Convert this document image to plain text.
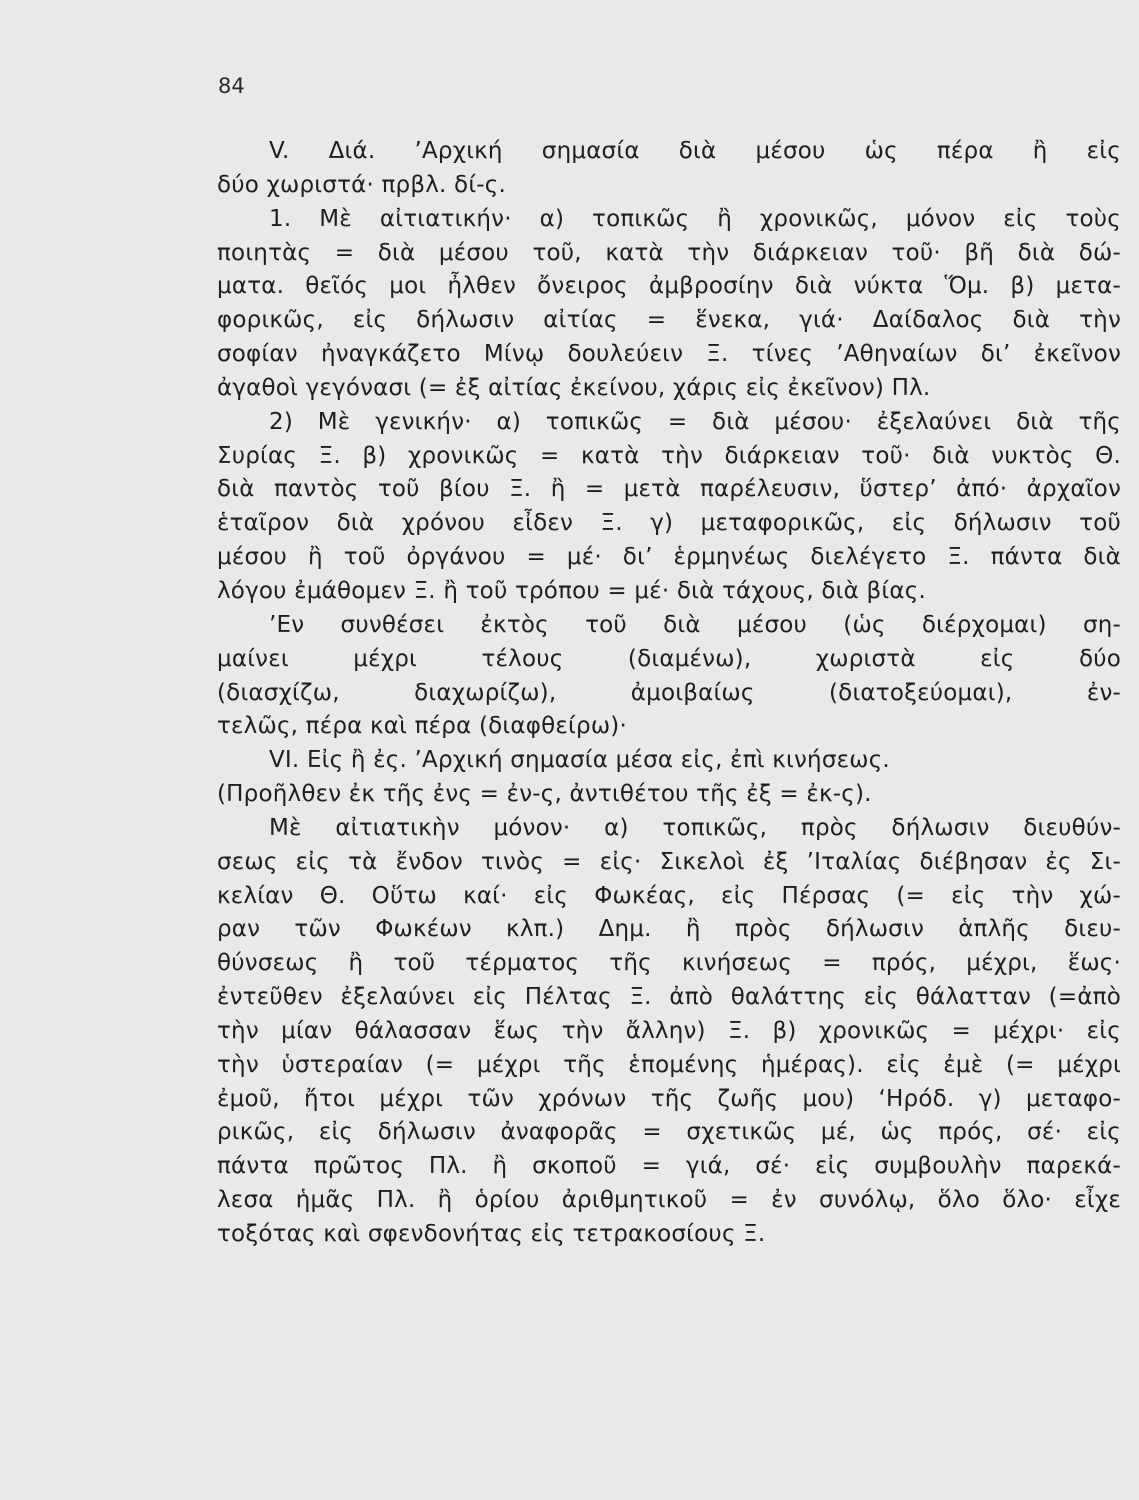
84
V. Διά. ’Αρχική σημασία διὰ μέσου ὡς πέρα ἢ εἰς
δύο χωριστά· πρβλ. δί-ς.
1. Μὲ αἰτιατικήν· α) τοπικῶς ἢ χρονικῶς, μόνον εἰς τοὺς
ποιητὰς = διὰ μέσου τοῦ, κατὰ τὴν διάρκειαν τοῦ· βῆ διὰ δώ-
ματα. θεῖός μοι ἦλθεν ὄνειρος ἀμβροσίην διὰ νύκτα Ὅμ. β) μετα-
φορικῶς, εἰς δήλωσιν αἰτίας = ἕνεκα, γιά· Δαίδαλος διὰ τὴν
σοφίαν ἠναγκάζετο Μίνῳ δουλεύειν Ξ. τίνες ’Αθηναίων δι’ ἐκεῖνον
ἀγαθοὶ γεγόνασι (= ἐξ αἰτίας ἐκείνου, χάρις εἰς ἐκεῖνον) Πλ.
2) Μὲ γενικήν· α) τοπικῶς = διὰ μέσου· ἐξελαύνει διὰ τῆς
Συρίας Ξ. β) χρονικῶς = κατὰ τὴν διάρκειαν τοῦ· διὰ νυκτὸς Θ.
διὰ παντὸς τοῦ βίου Ξ. ἢ = μετὰ παρέλευσιν, ὕστερ’ ἀπό· ἀρχαῖον
ἑταῖρον διὰ χρόνου εἶδεν Ξ. γ) μεταφορικῶς, εἰς δήλωσιν τοῦ
μέσου ἢ τοῦ ὀργάνου = μέ· δι’ ἑρμηνέως διελέγετο Ξ. πάντα διὰ
λόγου ἐμάθομεν Ξ. ἢ τοῦ τρόπου = μέ· διὰ τάχους, διὰ βίας.
’Εν συνθέσει ἐκτὸς τοῦ διὰ μέσου (ὡς διέρχομαι) ση-
μαίνει μέχρι τέλους (διαμένω), χωριστὰ εἰς δύο
(διασχίζω, διαχωρίζω), ἀμοιβαίως (διατοξεύομαι), ἐν-
τελῶς, πέρα καὶ πέρα (διαφθείρω)·
VI. Εἰς ἢ ἐς. ’Αρχική σημασία μέσα εἰς, ἐπὶ κινήσεως.
(Προῆλθεν ἐκ τῆς ἐνς = ἐν-ς, ἀντιθέτου τῆς ἐξ = ἐκ-ς).
Μὲ αἰτιατικὴν μόνον· α) τοπικῶς, πρὸς δήλωσιν διευθύν-
σεως εἰς τὰ ἔνδον τινὸς = εἰς· Σικελοὶ ἐξ ’Ιταλίας διέβησαν ἐς Σι-
κελίαν Θ. Οὕτω καί· εἰς Φωκέας, εἰς Πέρσας (= εἰς τὴν χώ-
ραν τῶν Φωκέων κλπ.) Δημ. ἢ πρὸς δήλωσιν ἁπλῆς διευ-
θύνσεως ἢ τοῦ τέρματος τῆς κινήσεως = πρός, μέχρι, ἕως·
ἐντεῦθεν ἐξελαύνει εἰς Πέλτας Ξ. ἀπὸ θαλάττης εἰς θάλατταν (=ἀπὸ
τὴν μίαν θάλασσαν ἕως τὴν ἄλλην) Ξ. β) χρονικῶς = μέχρι· εἰς
τὴν ὑστεραίαν (= μέχρι τῆς ἑπομένης ἡμέρας). εἰς ἐμὲ (= μέχρι
ἐμοῦ, ἤτοι μέχρι τῶν χρόνων τῆς ζωῆς μου) ‘Ηρόδ. γ) μεταφο-
ρικῶς, εἰς δήλωσιν ἀναφορᾶς = σχετικῶς μέ, ὡς πρός, σέ· εἰς
πάντα πρῶτος Πλ. ἢ σκοποῦ = γιά, σέ· εἰς συμβουλὴν παρεκά-
λεσα ἡμᾶς Πλ. ἢ ὁρίου ἀριθμητικοῦ = ἐν συνόλῳ, ὅλο ὅλο· εἶχε
τοξότας καὶ σφενδονήτας εἰς τετρακοσίους Ξ.
